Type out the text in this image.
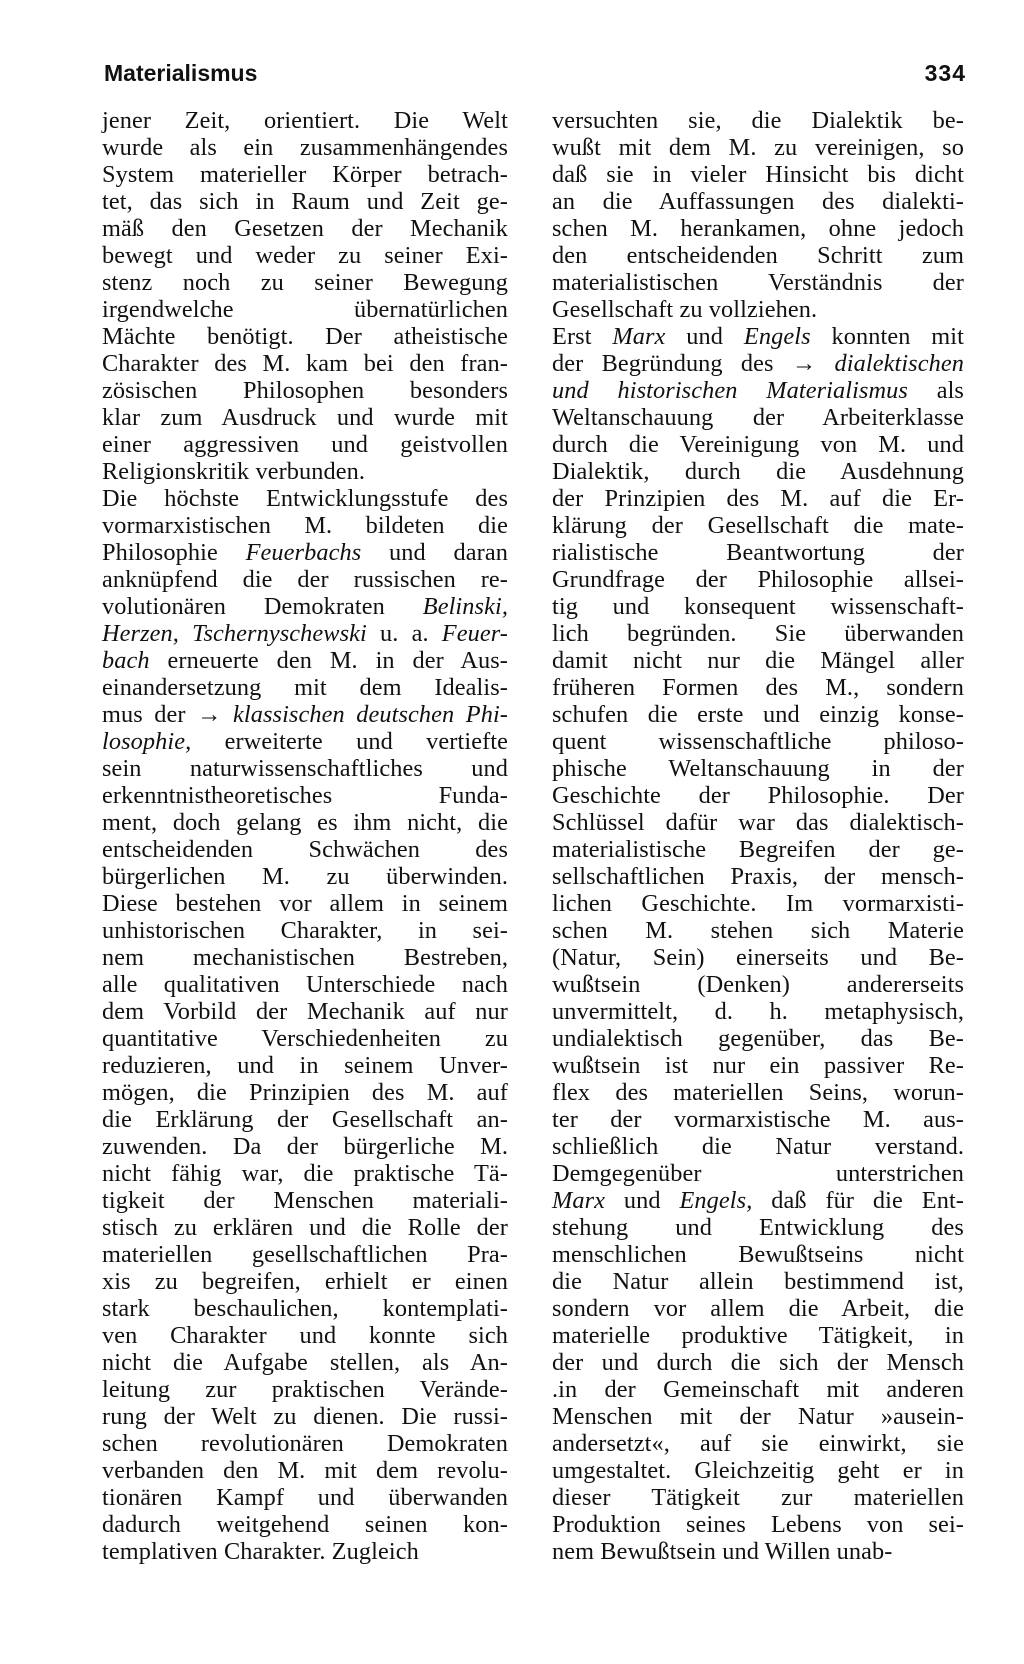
Materialismus	334
jener Zeit, orientiert. Die Welt
wurde als ein zusammenhängendes
System materieller Körper betrach-
tet, das sich in Raum und Zeit ge-
mäß den Gesetzen der Mechanik
bewegt und weder zu seiner Exi-
stenz noch zu seiner Bewegung
irgendwelche übernatürlichen
Mächte benötigt. Der atheistische
Charakter des M. kam bei den fran-
zösischen Philosophen besonders
klar zum Ausdruck und wurde mit
einer aggressiven und geistvollen
Religionskritik verbunden.
Die höchste Entwicklungsstufe des
vormarxistischen M. bildeten die
Philosophie Feuerbachs und daran
anknüpfend die der russischen re-
volutionären Demokraten Belinski,
Herzen, Tschernyschewski u. a. Feuer-
bach erneuerte den M. in der Aus-
einandersetzung mit dem Idealis-
mus der → klassischen deutschen Phi-
losophie, erweiterte und vertiefte
sein naturwissenschaftliches und
erkenntnistheoretisches Funda-
ment, doch gelang es ihm nicht, die
entscheidenden Schwächen des
bürgerlichen M. zu überwinden.
Diese bestehen vor allem in seinem
unhistorischen Charakter, in sei-
nem mechanistischen Bestreben,
alle qualitativen Unterschiede nach
dem Vorbild der Mechanik auf nur
quantitative Verschiedenheiten zu
reduzieren, und in seinem Unver-
mögen, die Prinzipien des M. auf
die Erklärung der Gesellschaft an-
zuwenden. Da der bürgerliche M.
nicht fähig war, die praktische Tä-
tigkeit der Menschen materiali-
stisch zu erklären und die Rolle der
materiellen gesellschaftlichen Pra-
xis zu begreifen, erhielt er einen
stark beschaulichen, kontemplati-
ven Charakter und konnte sich
nicht die Aufgabe stellen, als An-
leitung zur praktischen Verände-
rung der Welt zu dienen. Die russi-
schen revolutionären Demokraten
verbanden den M. mit dem revolu-
tionären Kampf und überwanden
dadurch weitgehend seinen kon-
templativen Charakter. Zugleich
versuchten sie, die Dialektik be-
wußt mit dem M. zu vereinigen, so
daß sie in vieler Hinsicht bis dicht
an die Auffassungen des dialekti-
schen M. herankamen, ohne jedoch
den entscheidenden Schritt zum
materialistischen Verständnis der
Gesellschaft zu vollziehen.
Erst Marx und Engels konnten mit
der Begründung des → dialektischen
und historischen Materialismus als
Weltanschauung der Arbeiterklasse
durch die Vereinigung von M. und
Dialektik, durch die Ausdehnung
der Prinzipien des M. auf die Er-
klärung der Gesellschaft die mate-
rialistische Beantwortung der
Grundfrage der Philosophie allsei-
tig und konsequent wissenschaft-
lich begründen. Sie überwanden
damit nicht nur die Mängel aller
früheren Formen des M., sondern
schufen die erste und einzig konse-
quent wissenschaftliche philoso-
phische Weltanschauung in der
Geschichte der Philosophie. Der
Schlüssel dafür war das dialektisch-
materialistische Begreifen der ge-
sellschaftlichen Praxis, der mensch-
lichen Geschichte. Im vormarxisti-
schen M. stehen sich Materie
(Natur, Sein) einerseits und Be-
wußtsein (Denken) andererseits
unvermittelt, d. h. metaphysisch,
undialektisch gegenüber, das Be-
wußtsein ist nur ein passiver Re-
flex des materiellen Seins, worun-
ter der vormarxistische M. aus-
schließlich die Natur verstand.
Demgegenüber unterstrichen
Marx und Engels, daß für die Ent-
stehung und Entwicklung des
menschlichen Bewußtseins nicht
die Natur allein bestimmend ist,
sondern vor allem die Arbeit, die
materielle produktive Tätigkeit, in
der und durch die sich der Mensch
.in der Gemeinschaft mit anderen
Menschen mit der Natur »ausein-
andersetzt«, auf sie einwirkt, sie
umgestaltet. Gleichzeitig geht er in
dieser Tätigkeit zur materiellen
Produktion seines Lebens von sei-
nem Bewußtsein und Willen unab-
